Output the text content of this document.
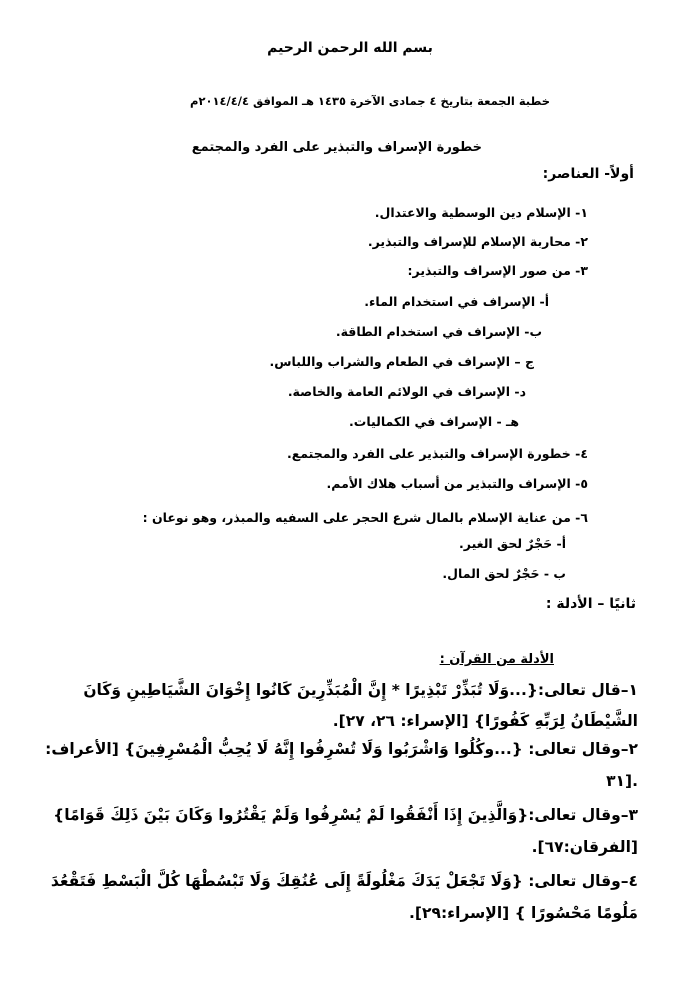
بسم الله الرحمن الرحيم
خطبة الجمعة بتاريخ ٤ جمادى الآخرة ١٤٣٥ هـ الموافق ٢٠١٤/٤/٤م
خطورة الإسراف والتبذير على الفرد والمجتمع
أولاً- العناصر:
١- الإسلام دين الوسطية والاعتدال.
٢- محاربة الإسلام للإسراف والتبذير.
٣- من صور الإسراف والتبذير:
أ- الإسراف في استخدام الماء.
ب- الإسراف في استخدام الطاقة.
ج – الإسراف في الطعام والشراب واللباس.
د- الإسراف في الولائم العامة والخاصة.
هـ - الإسراف في الكماليات.
٤- خطورة الإسراف والتبذير على الفرد والمجتمع.
٥- الإسراف والتبذير من أسباب هلاك الأمم.
٦- من عناية الإسلام بالمال شرع الحجر على السفيه والمبذر، وهو نوعان :
أ- حَجْرٌ لحق الغير.
ب - حَجْرٌ لحق المال.
ثانيًا – الأدلة :
الأدلة من القرآن :
١–قال تعالى:{...وَلَا تُبَذِّرْ تَبْذِيرًا * إِنَّ الْمُبَذِّرِينَ كَانُوا إِخْوَانَ الشَّيَاطِينِ وَكَانَ
الشَّيْطَانُ لِرَبِّهِ كَفُورًا} [الإسراء: ٢٦، ٢٧].
٢–وقال تعالى: {...وكُلُوا وَاشْرَبُوا وَلَا تُسْرِفُوا إِنَّهُ لَا يُحِبُّ الْمُسْرِفِينَ} [الأعراف:
٣١].
٣–وقال تعالى:{وَالَّذِينَ إِذَا أَنْفَقُوا لَمْ يُسْرِفُوا وَلَمْ يَقْتُرُوا وَكَانَ بَيْنَ ذَلِكَ قَوَامًا}
[الفرقان:٦٧].
٤–وقال تعالى: {وَلَا تَجْعَلْ يَدَكَ مَغْلُولَةً إِلَى عُنُقِكَ وَلَا تَبْسُطْهَا كُلَّ الْبَسْطِ فَتَقْعُدَ
مَلُومًا مَحْسُورًا } [الإسراء:٢٩].
